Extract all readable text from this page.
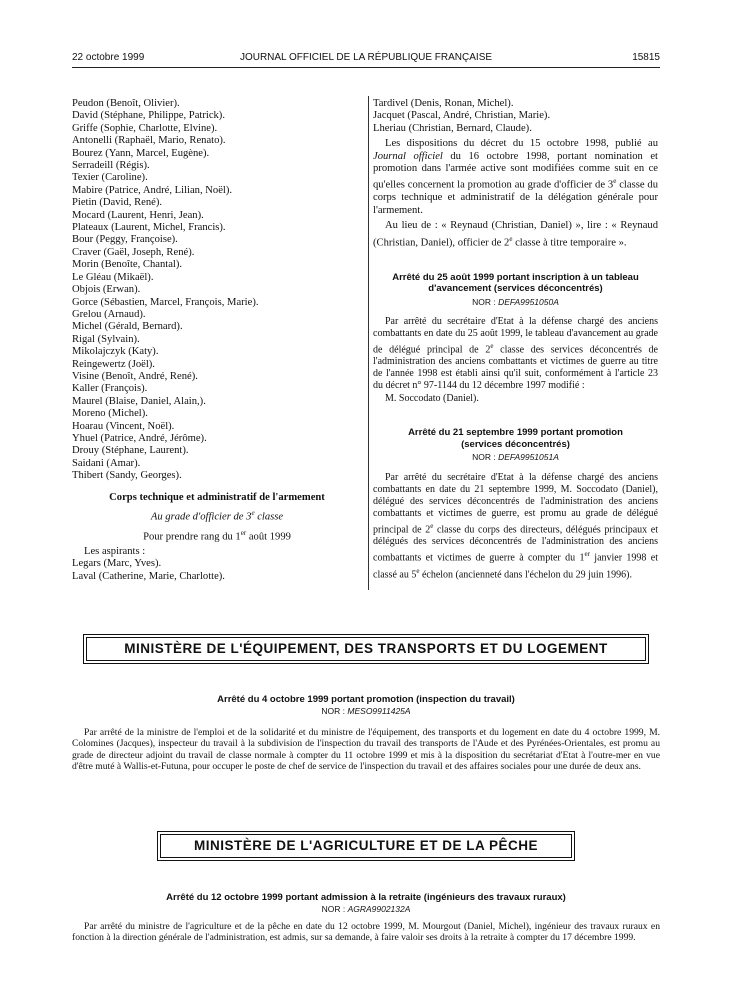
22 octobre 1999	JOURNAL OFFICIEL DE LA RÉPUBLIQUE FRANÇAISE	15815
Peudon (Benoît, Olivier).
David (Stéphane, Philippe, Patrick).
Griffe (Sophie, Charlotte, Elvine).
Antonelli (Raphaël, Mario, Renato).
Bourez (Yann, Marcel, Eugène).
Serradeill (Régis).
Texier (Caroline).
Mabire (Patrice, André, Lilian, Noël).
Pietin (David, René).
Mocard (Laurent, Henri, Jean).
Plateaux (Laurent, Michel, Francis).
Bour (Peggy, Françoise).
Craver (Gaël, Joseph, René).
Morin (Benoîte, Chantal).
Le Gléau (Mikaël).
Objois (Erwan).
Gorce (Sébastien, Marcel, François, Marie).
Grelou (Arnaud).
Michel (Gérald, Bernard).
Rigal (Sylvain).
Mikolajczyk (Katy).
Reingewertz (Joël).
Visine (Benoît, André, René).
Kaller (François).
Maurel (Blaise, Daniel, Alain,).
Moreno (Michel).
Hoarau (Vincent, Noël).
Yhuel (Patrice, André, Jérôme).
Drouy (Stéphane, Laurent).
Saidani (Amar).
Thibert (Sandy, Georges).
Corps technique et administratif de l'armement
Au grade d'officier de 3e classe
Pour prendre rang du 1er août 1999
Les aspirants :
Legars (Marc, Yves).
Laval (Catherine, Marie, Charlotte).
Tardivel (Denis, Ronan, Michel).
Jacquet (Pascal, André, Christian, Marie).
Lheriau (Christian, Bernard, Claude).
Les dispositions du décret du 15 octobre 1998, publié au Journal officiel du 16 octobre 1998, portant nomination et promotion dans l'armée active sont modifiées comme suit en ce qu'elles concernent la promotion au grade d'officier de 3e classe du corps technique et administratif de la délégation générale pour l'armement.
Au lieu de : « Reynaud (Christian, Daniel) », lire : « Reynaud (Christian, Daniel), officier de 2e classe à titre temporaire ».
Arrêté du 25 août 1999 portant inscription à un tableau d'avancement (services déconcentrés)
NOR : DEFA9951050A
Par arrêté du secrétaire d'Etat à la défense chargé des anciens combattants en date du 25 août 1999, le tableau d'avancement au grade de délégué principal de 2e classe des services déconcentrés de l'administration des anciens combattants et victimes de guerre au titre de l'année 1998 est établi ainsi qu'il suit, conformément à l'article 23 du décret n° 97-1144 du 12 décembre 1997 modifié :
M. Soccodato (Daniel).
Arrêté du 21 septembre 1999 portant promotion (services déconcentrés)
NOR : DEFA9951051A
Par arrêté du secrétaire d'Etat à la défense chargé des anciens combattants en date du 21 septembre 1999, M. Soccodato (Daniel), délégué des services déconcentrés de l'administration des anciens combattants et victimes de guerre, est promu au grade de délégué principal de 2e classe du corps des directeurs, délégués principaux et délégués des services déconcentrés de l'administration des anciens combattants et victimes de guerre à compter du 1er janvier 1998 et classé au 5e échelon (ancienneté dans l'échelon du 29 juin 1996).
MINISTÈRE DE L'ÉQUIPEMENT, DES TRANSPORTS ET DU LOGEMENT
Arrêté du 4 octobre 1999 portant promotion (inspection du travail)
NOR : MESO9911425A
Par arrêté de la ministre de l'emploi et de la solidarité et du ministre de l'équipement, des transports et du logement en date du 4 octobre 1999, M. Colomines (Jacques), inspecteur du travail à la subdivision de l'inspection du travail des transports de l'Aude et des Pyrénées-Orientales, est promu au grade de directeur adjoint du travail de classe normale à compter du 11 octobre 1999 et mis à la disposition du secrétariat d'Etat à l'outre-mer en vue d'être muté à Wallis-et-Futuna, pour occuper le poste de chef de service de l'inspection du travail et des affaires sociales pour une durée de deux ans.
MINISTÈRE DE L'AGRICULTURE ET DE LA PÊCHE
Arrêté du 12 octobre 1999 portant admission à la retraite (ingénieurs des travaux ruraux)
NOR : AGRA9902132A
Par arrêté du ministre de l'agriculture et de la pêche en date du 12 octobre 1999, M. Mourgout (Daniel, Michel), ingénieur des travaux ruraux en fonction à la direction générale de l'administration, est admis, sur sa demande, à faire valoir ses droits à la retraite à compter du 17 décembre 1999.
